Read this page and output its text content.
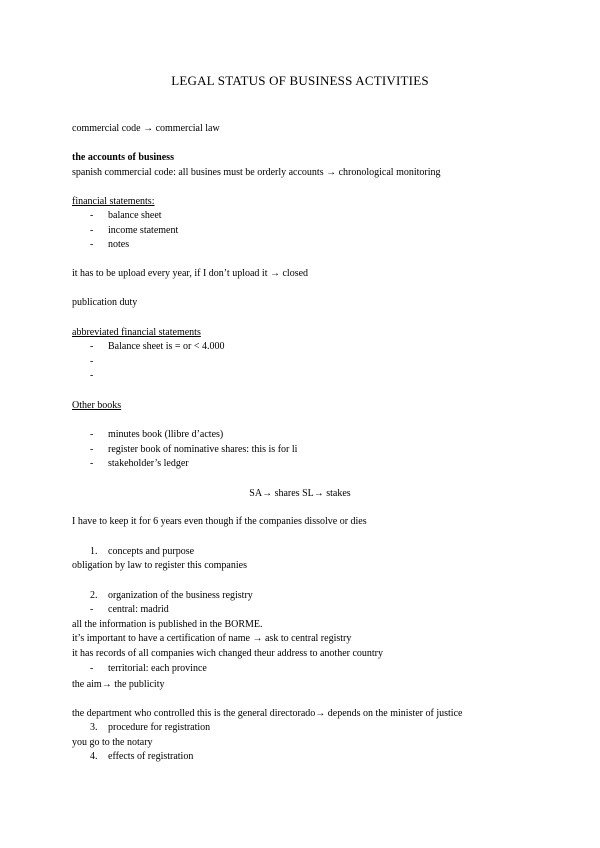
LEGAL STATUS OF BUSINESS ACTIVITIES
commercial code → commercial law
the accounts of business
spanish commercial code: all busines must be orderly accounts → chronological monitoring
financial statements:
- balance sheet
- income statement
- notes
it has to be upload every year, if I don’t upload it → closed
publication duty
abbreviated financial statements
- Balance sheet is = or < 4.000
-
-
Other books
- minutes book (llibre d’actes)
- register book of nominative shares: this is for li
- stakeholder’s ledger
SA→ shares SL→ stakes
I have to keep it for 6 years even though if the companies dissolve or dies
1. concepts and purpose
obligation by law to register this companies
2. organization of the business registry
- central: madrid
all the information is published in the BORME.
it’s important to have a certification of name → ask to central registry
it has records of all companies wich changed theur address to another country
- territorial: each province
the aim→ the publicity
the department who controlled this is the general directorado→ depends on the minister of justice
3. procedure for registration
you go to the notary
4. effects of registration
